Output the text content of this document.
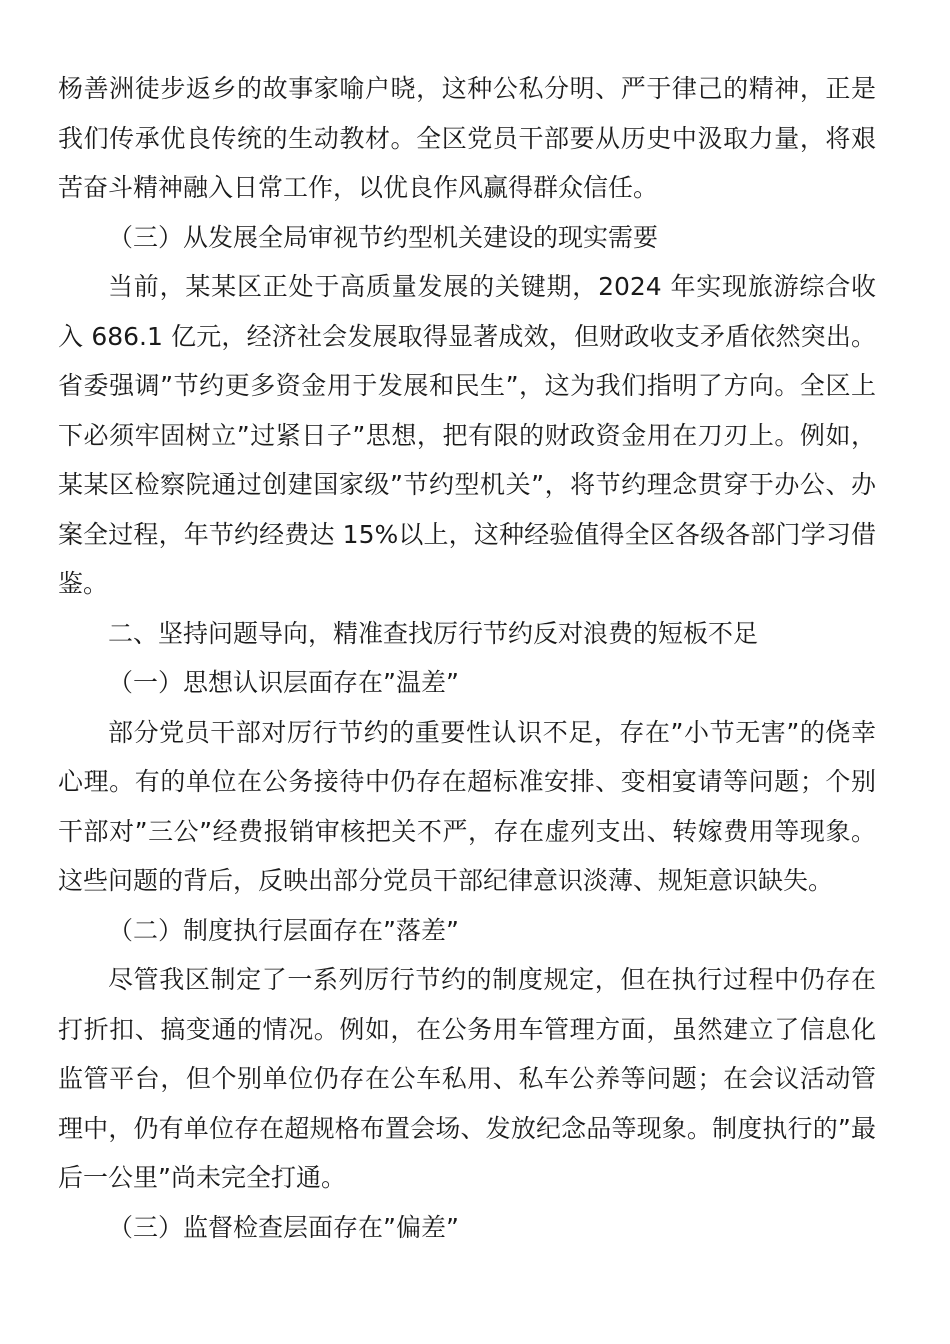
杨善洲徒步返乡的故事家喻户晓，这种公私分明、严于律己的精神，正是我们传承优良传统的生动教材。全区党员干部要从历史中汲取力量，将艰苦奋斗精神融入日常工作，以优良作风赢得群众信任。

（三）从发展全局审视节约型机关建设的现实需要

当前，某某区正处于高质量发展的关键期，2024 年实现旅游综合收入 686.1 亿元，经济社会发展取得显著成效，但财政收支矛盾依然突出。省委强调”节约更多资金用于发展和民生”，这为我们指明了方向。全区上下必须牢固树立”过紧日子”思想，把有限的财政资金用在刀刃上。例如，某某区检察院通过创建国家级”节约型机关”，将节约理念贯穿于办公、办案全过程，年节约经费达 15%以上，这种经验值得全区各级各部门学习借鉴。

二、坚持问题导向，精准查找厉行节约反对浪费的短板不足

（一）思想认识层面存在”温差”

部分党员干部对厉行节约的重要性认识不足，存在”小节无害”的侥幸心理。有的单位在公务接待中仍存在超标准安排、变相宴请等问题；个别干部对”三公”经费报销审核把关不严，存在虚列支出、转嫁费用等现象。这些问题的背后，反映出部分党员干部纪律意识淡薄、规矩意识缺失。

（二）制度执行层面存在”落差”

尽管我区制定了一系列厉行节约的制度规定，但在执行过程中仍存在打折扣、搞变通的情况。例如，在公务用车管理方面，虽然建立了信息化监管平台，但个别单位仍存在公车私用、私车公养等问题；在会议活动管理中，仍有单位存在超规格布置会场、发放纪念品等现象。制度执行的”最后一公里”尚未完全打通。

（三）监督检查层面存在”偏差”
